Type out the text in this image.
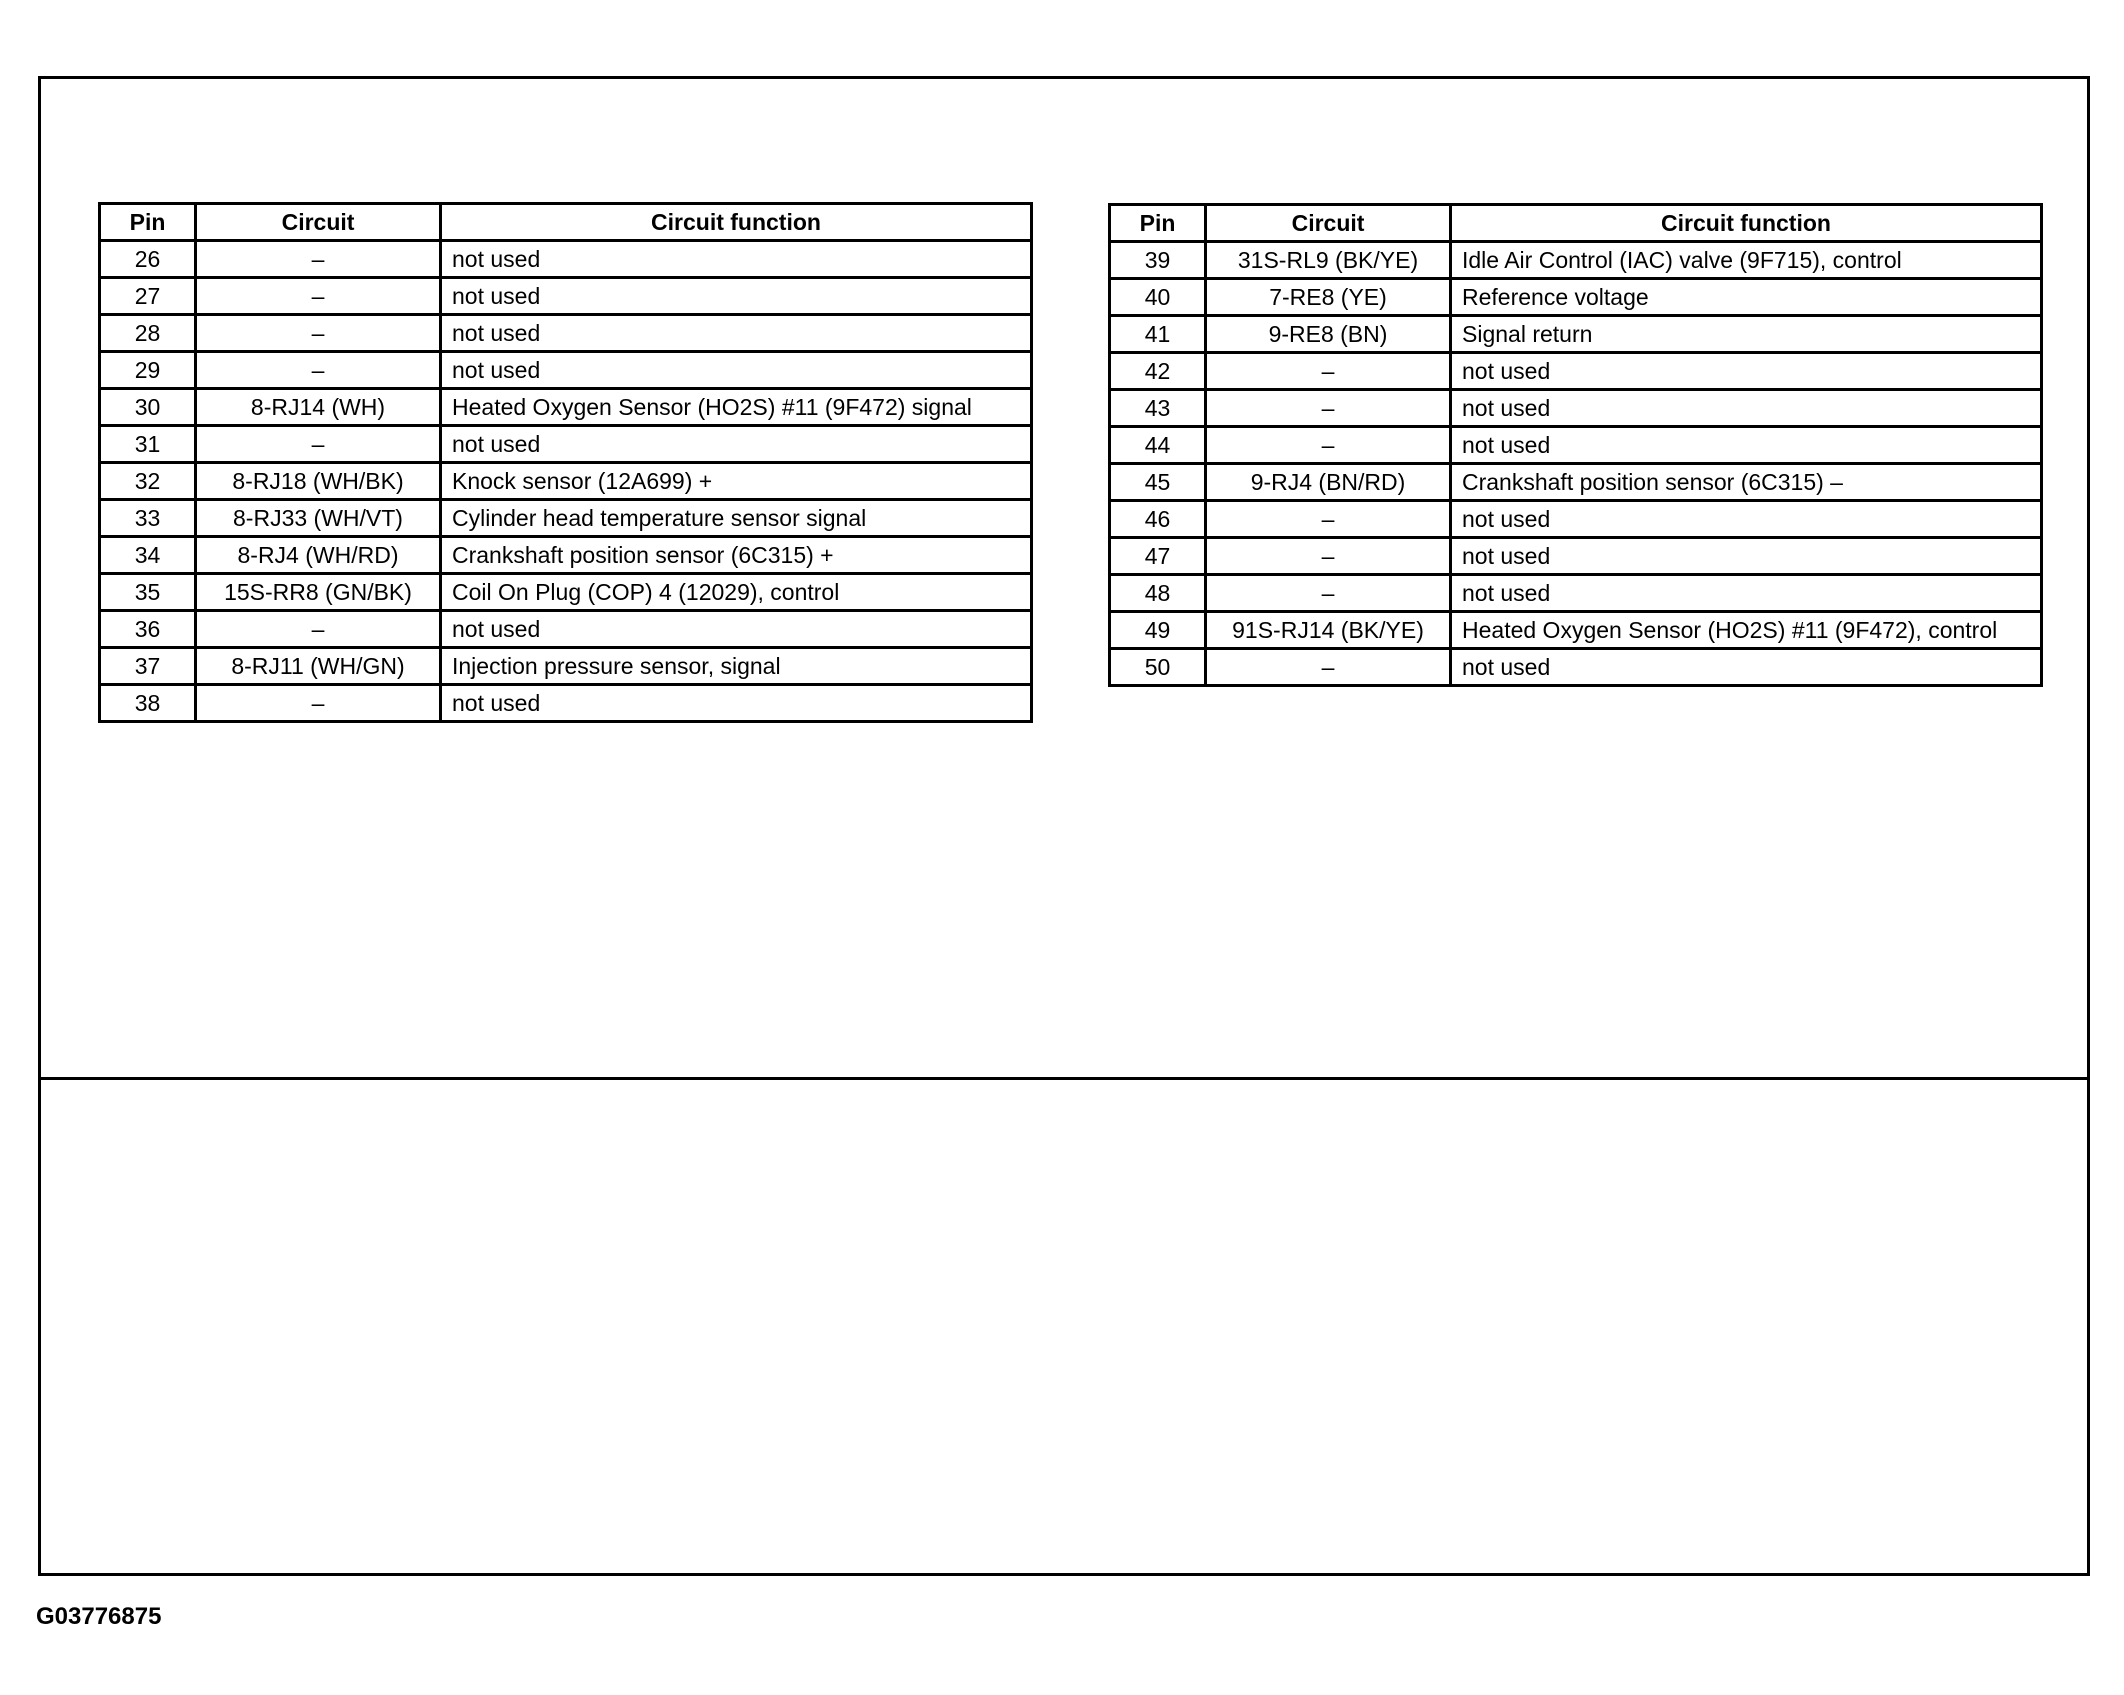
Pin	Circuit	Circuit function
26	–	not used
27	–	not used
28	–	not used
29	–	not used
30	8-RJ14 (WH)	Heated Oxygen Sensor (HO2S) #11 (9F472) signal
31	–	not used
32	8-RJ18 (WH/BK)	Knock sensor (12A699) +
33	8-RJ33 (WH/VT)	Cylinder head temperature sensor signal
34	8-RJ4 (WH/RD)	Crankshaft position sensor (6C315) +
35	15S-RR8 (GN/BK)	Coil On Plug (COP) 4 (12029), control
36	–	not used
37	8-RJ11 (WH/GN)	Injection pressure sensor, signal
38	–	not used
Pin	Circuit	Circuit function
39	31S-RL9 (BK/YE)	Idle Air Control (IAC) valve (9F715), control
40	7-RE8 (YE)	Reference voltage
41	9-RE8 (BN)	Signal return
42	–	not used
43	–	not used
44	–	not used
45	9-RJ4 (BN/RD)	Crankshaft position sensor (6C315) –
46	–	not used
47	–	not used
48	–	not used
49	91S-RJ14 (BK/YE)	Heated Oxygen Sensor (HO2S) #11 (9F472), control
50	–	not used
G03776875
